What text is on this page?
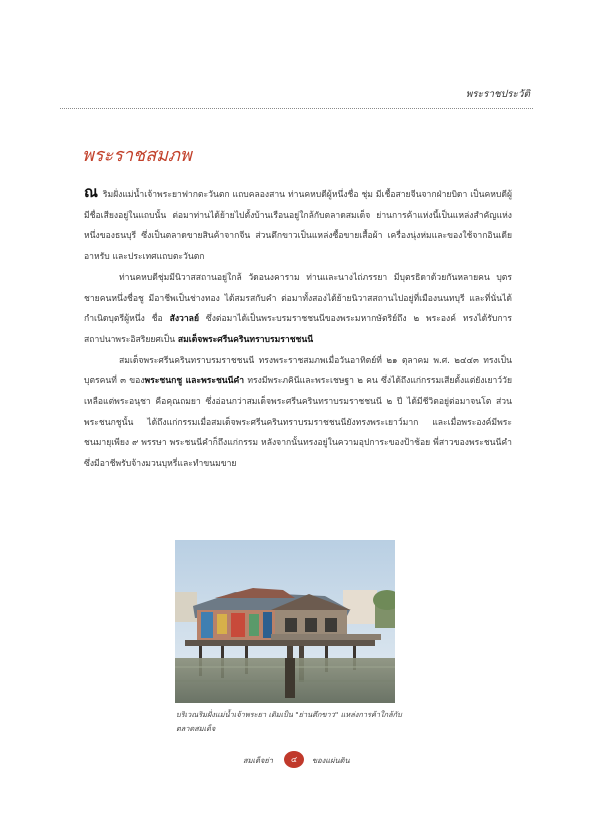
พระราชประวัติ
พระราชสมภพ

ณ ริมฝั่งแม่น้ำเจ้าพระยาฟากตะวันตก แถบคลองสาน ท่านคหบดีผู้หนึ่งชื่อ ชุ่ม มีเชื้อสายจีนจากฝ่ายบิดา เป็นคหบดีผู้มีชื่อเสียงอยู่ในแถบนั้น ต่อมาท่านได้ย้ายไปตั้งบ้านเรือนอยู่ใกล้กับตลาดสมเด็จ ย่านการค้าแห่งนี้เป็นแหล่งสำคัญแห่งหนึ่งของธนบุรี ซึ่งเป็นตลาดขายสินค้าจากจีน ส่วนตึกขาวเป็นแหล่งซื้อขายเสื้อผ้า เครื่องนุ่งห่มและของใช้จากอินเดีย อาหรับ และประเทศแถบตะวันตก

ท่านคหบดีชุ่มมีนิวาสสถานอยู่ใกล้ วัดอนงคาราม ท่านและนางไถ่ภรรยา มีบุตรธิดาด้วยกันหลายคน บุตรชายคนหนึ่งชื่อชู มีอาชีพเป็นช่างทอง ได้สมรสกับคำ ต่อมาทั้งสองได้ย้ายนิวาสสถานไปอยู่ที่เมืองนนทบุรี และที่นั่นได้กำเนิดบุตรีผู้หนึ่ง ชื่อ สังวาลย์ ซึ่งต่อมาได้เป็นพระบรมราชชนนีของพระมหากษัตริย์ถึง ๒ พระองค์ ทรงได้รับการสถาปนาพระอิสริยยศเป็น สมเด็จพระศรีนครินทราบรมราชชนนี

สมเด็จพระศรีนครินทราบรมราชชนนี ทรงพระราชสมภพเมื่อวันอาทิตย์ที่ ๒๑ ตุลาคม พ.ศ. ๒๔๔๓ ทรงเป็นบุตรคนที่ ๓ ของพระชนกชู และพระชนนีคำ ทรงมีพระภคินีและพระเชษฐา ๒ คน ซึ่งได้ถึงแก่กรรมเสียตั้งแต่ยังเยาว์วัย เหลือแต่พระอนุชา คือคุณถมยา ซึ่งอ่อนกว่าสมเด็จพระศรีนครินทราบรมราชชนนี ๒ ปี ได้มีชีวิตอยู่ต่อมาจนโต ส่วนพระชนกชูนั้น ได้ถึงแก่กรรมเมื่อสมเด็จพระศรีนครินทราบรมราชชนนียังทรงพระเยาว์มาก และเมื่อพระองค์มีพระชนมายุเพียง ๙ พรรษา พระชนนีคำก็ถึงแก่กรรม หลังจากนั้นทรงอยู่ในความอุปการะของป้าช้อย พี่สาวของพระชนนีคำ ซึ่งมีอาชีพรับจ้างมวนบุหรี่และทำขนมขาย

บริเวณริมฝั่งแม่น้ำเจ้าพระยา เดิมเป็น "ย่านตึกขาว" แหล่งการค้าใกล้กับตลาดสมเด็จ
สมเด็จย่า	๔	ของแผ่นดิน
